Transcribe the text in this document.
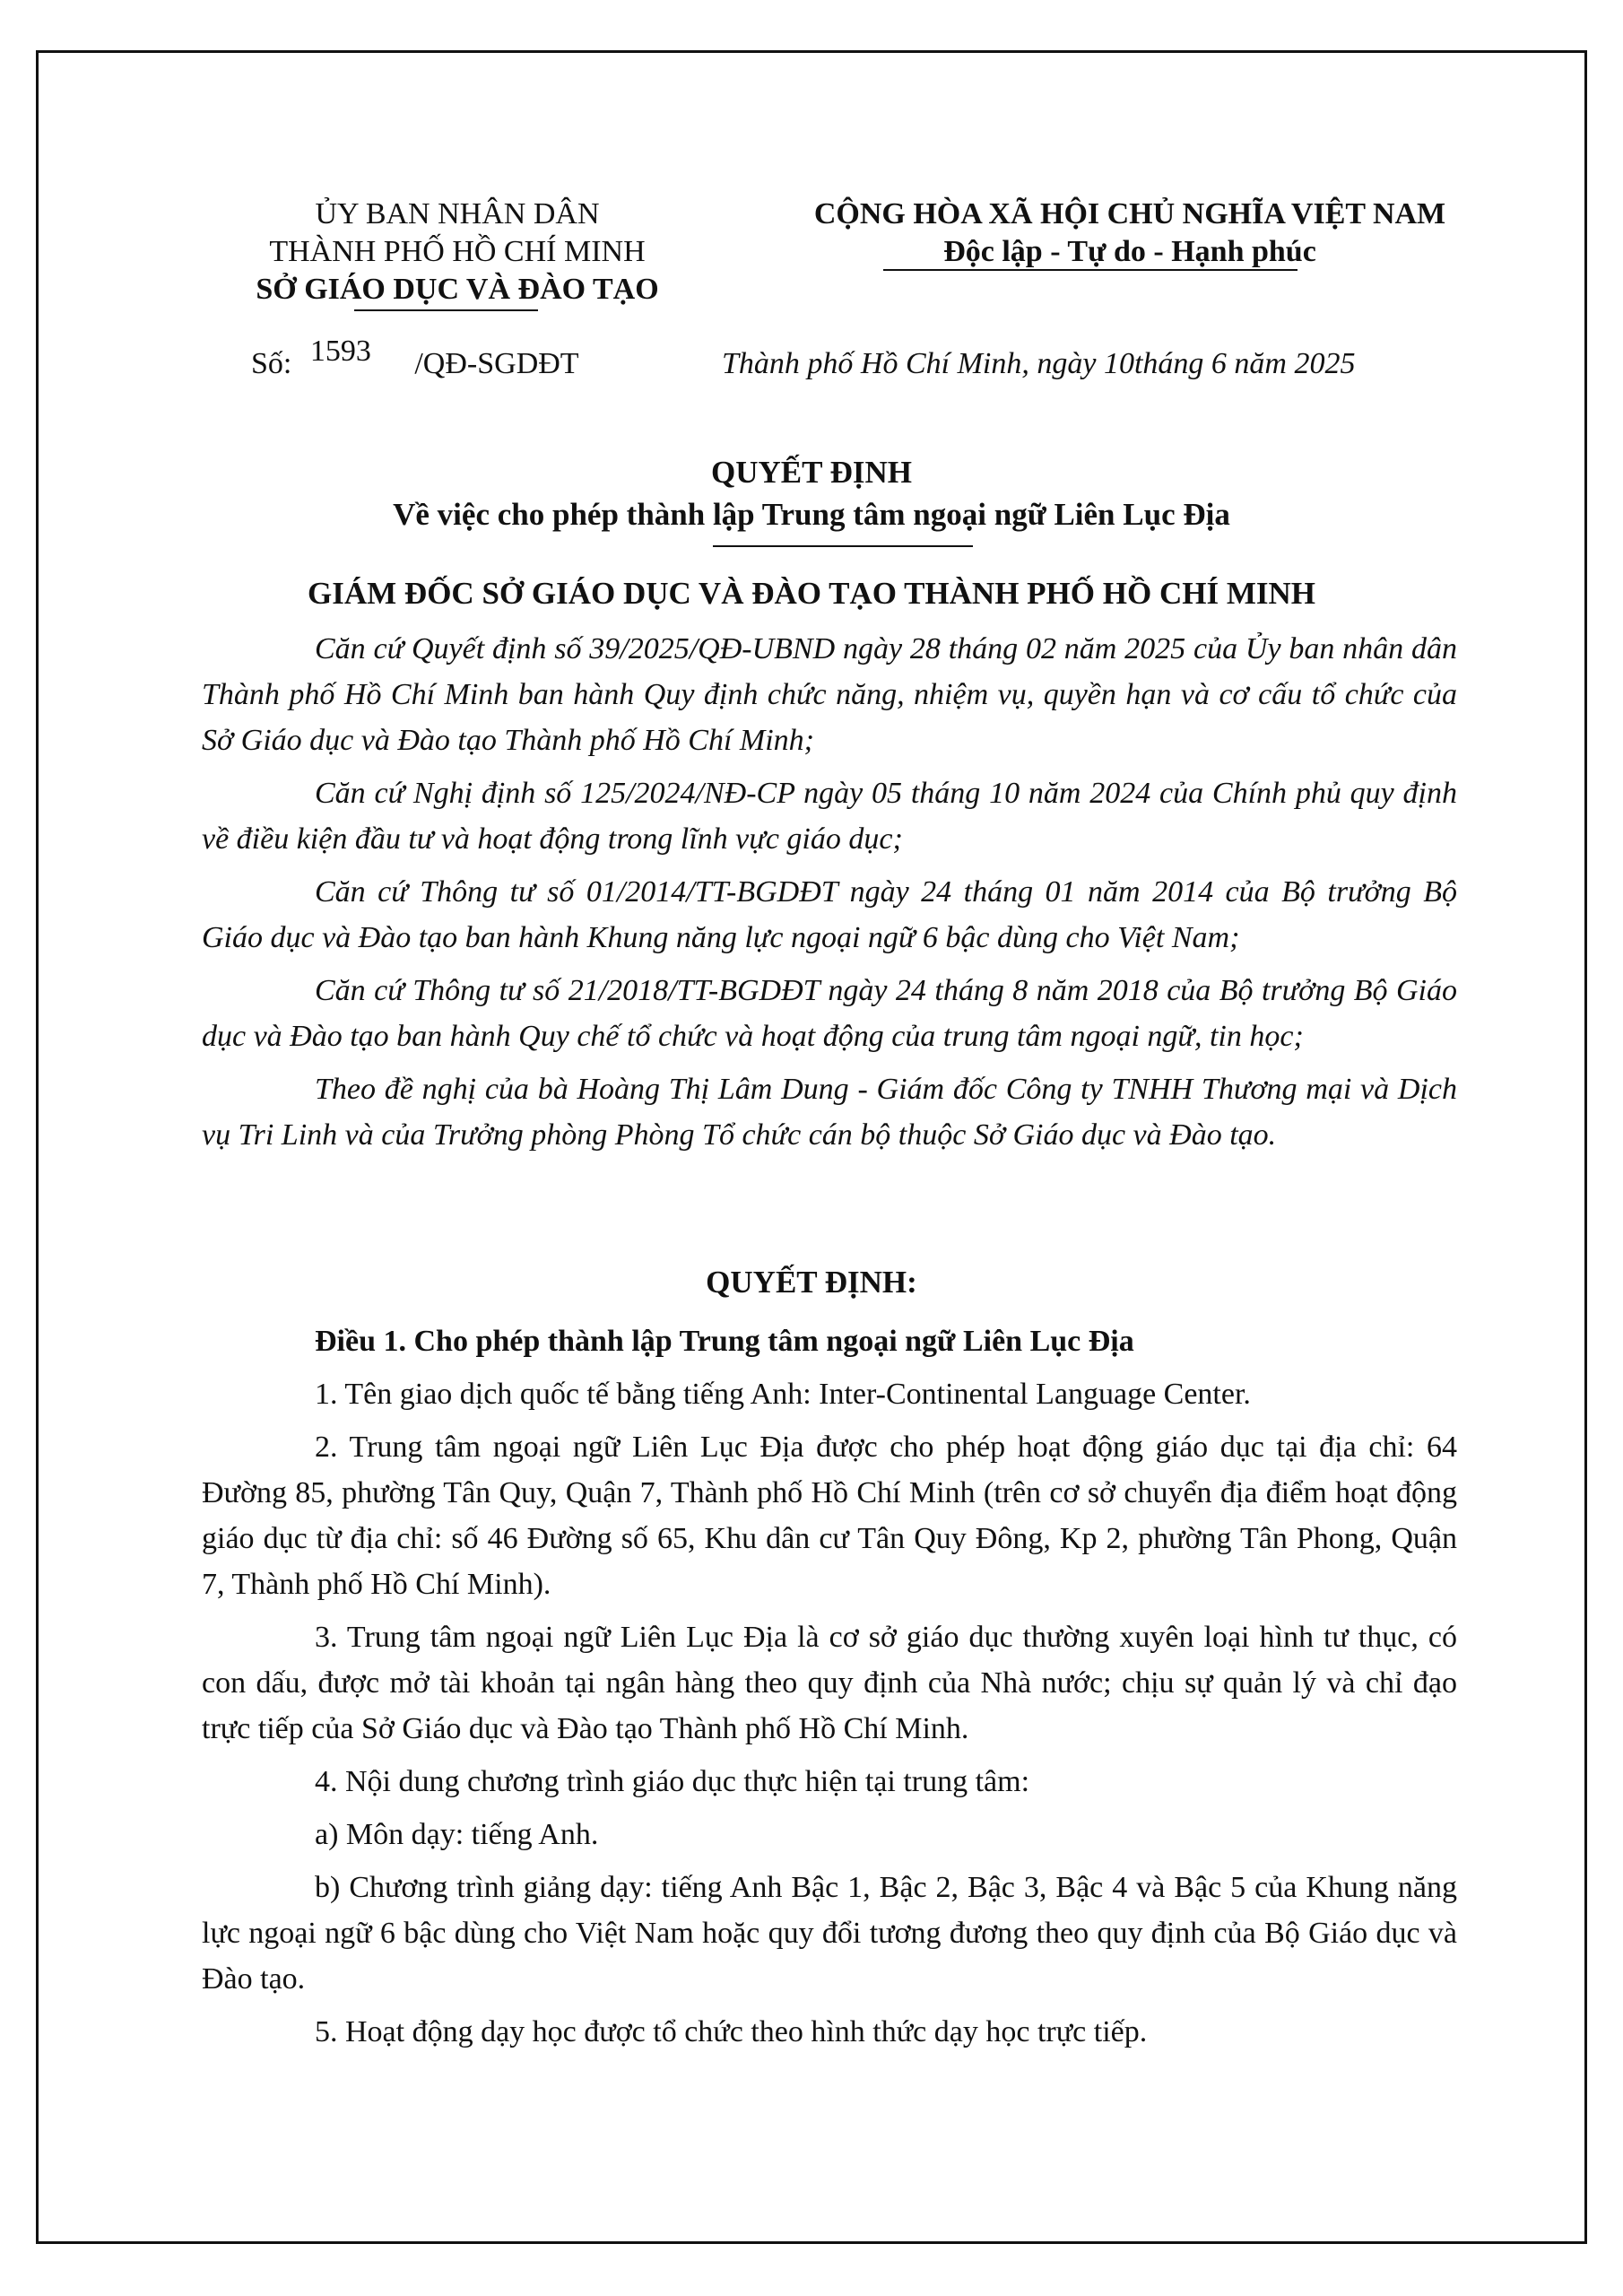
ỦY BAN NHÂN DÂN
THÀNH PHỐ HỒ CHÍ MINH
SỞ GIÁO DỤC VÀ ĐÀO TẠO
CỘNG HÒA XÃ HỘI CHỦ NGHĨA VIỆT NAM
Độc lập - Tự do - Hạnh phúc
Số: 1593 /QĐ-SGDĐT	Thành phố Hồ Chí Minh, ngày 10tháng 6 năm 2025
QUYẾT ĐỊNH
Về việc cho phép thành lập Trung tâm ngoại ngữ Liên Lục Địa
GIÁM ĐỐC SỞ GIÁO DỤC VÀ ĐÀO TẠO THÀNH PHỐ HỒ CHÍ MINH

Căn cứ Quyết định số 39/2025/QĐ-UBND ngày 28 tháng 02 năm 2025 của Ủy ban nhân dân Thành phố Hồ Chí Minh ban hành Quy định chức năng, nhiệm vụ, quyền hạn và cơ cấu tổ chức của Sở Giáo dục và Đào tạo Thành phố Hồ Chí Minh;

Căn cứ Nghị định số 125/2024/NĐ-CP ngày 05 tháng 10 năm 2024 của Chính phủ quy định về điều kiện đầu tư và hoạt động trong lĩnh vực giáo dục;

Căn cứ Thông tư số 01/2014/TT-BGDĐT ngày 24 tháng 01 năm 2014 của Bộ trưởng Bộ Giáo dục và Đào tạo ban hành Khung năng lực ngoại ngữ 6 bậc dùng cho Việt Nam;

Căn cứ Thông tư số 21/2018/TT-BGDĐT ngày 24 tháng 8 năm 2018 của Bộ trưởng Bộ Giáo dục và Đào tạo ban hành Quy chế tổ chức và hoạt động của trung tâm ngoại ngữ, tin học;

Theo đề nghị của bà Hoàng Thị Lâm Dung - Giám đốc Công ty TNHH Thương mại và Dịch vụ Tri Linh và của Trưởng phòng Phòng Tổ chức cán bộ thuộc Sở Giáo dục và Đào tạo.

QUYẾT ĐỊNH:

Điều 1. Cho phép thành lập Trung tâm ngoại ngữ Liên Lục Địa

1. Tên giao dịch quốc tế bằng tiếng Anh: Inter-Continental Language Center.

2. Trung tâm ngoại ngữ Liên Lục Địa được cho phép hoạt động giáo dục tại địa chỉ: 64 Đường 85, phường Tân Quy, Quận 7, Thành phố Hồ Chí Minh (trên cơ sở chuyển địa điểm hoạt động giáo dục từ địa chỉ: số 46 Đường số 65, Khu dân cư Tân Quy Đông, Kp 2, phường Tân Phong, Quận 7, Thành phố Hồ Chí Minh).

3. Trung tâm ngoại ngữ Liên Lục Địa là cơ sở giáo dục thường xuyên loại hình tư thục, có con dấu, được mở tài khoản tại ngân hàng theo quy định của Nhà nước; chịu sự quản lý và chỉ đạo trực tiếp của Sở Giáo dục và Đào tạo Thành phố Hồ Chí Minh.

4. Nội dung chương trình giáo dục thực hiện tại trung tâm:

a) Môn dạy: tiếng Anh.

b) Chương trình giảng dạy: tiếng Anh Bậc 1, Bậc 2, Bậc 3, Bậc 4 và Bậc 5 của Khung năng lực ngoại ngữ 6 bậc dùng cho Việt Nam hoặc quy đổi tương đương theo quy định của Bộ Giáo dục và Đào tạo.

5. Hoạt động dạy học được tổ chức theo hình thức dạy học trực tiếp.
